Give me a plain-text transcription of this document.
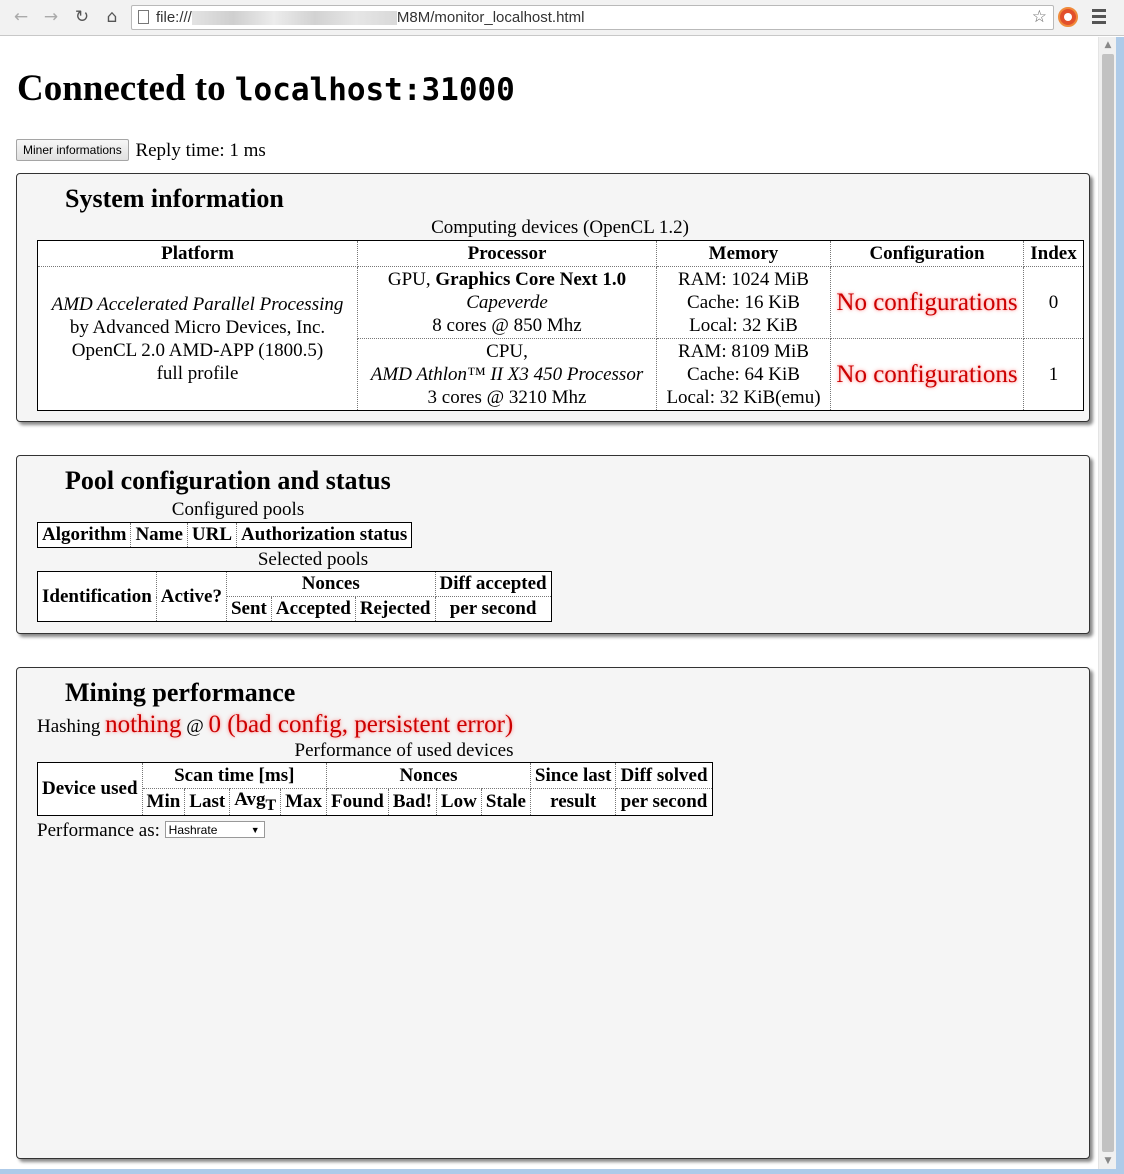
← → ↻	⌂	file:///	M8M/monitor_localhost.html	☆
▲
▼
Connected to localhost:31000
Miner informations Reply time: 1 ms
System information
Computing devices (OpenCL 1.2)
Platform	Processor	Memory	Configuration	Index
AMD Accelerated Parallel Processing
by Advanced Micro Devices, Inc.
OpenCL 2.0 AMD-APP (1800.5)
full profile	GPU, Graphics Core Next 1.0
Capeverde
8 cores @ 850 Mhz	RAM: 1024 MiB
Cache: 16 KiB
Local: 32 KiB	No configurations	0
	CPU,
AMD Athlon™ II X3 450 Processor
3 cores @ 3210 Mhz	RAM: 8109 MiB
Cache: 64 KiB
Local: 32 KiB(emu)	No configurations	1
Pool configuration and status
Configured pools
Algorithm	Name	URL	Authorization status
Selected pools
Identification	Active?	Nonces			Diff accepted
		Sent	Accepted	Rejected	per second
Mining performance
Hashing nothing @ 0 (bad config, persistent error)
Performance of used devices
Device used	Scan time [ms]				Nonces				Since last	Diff solved
	Min	Last	Avg$_T$	Max	Found	Bad!	Low	Stale	result	per second
Performance as: Hashrate	▼
